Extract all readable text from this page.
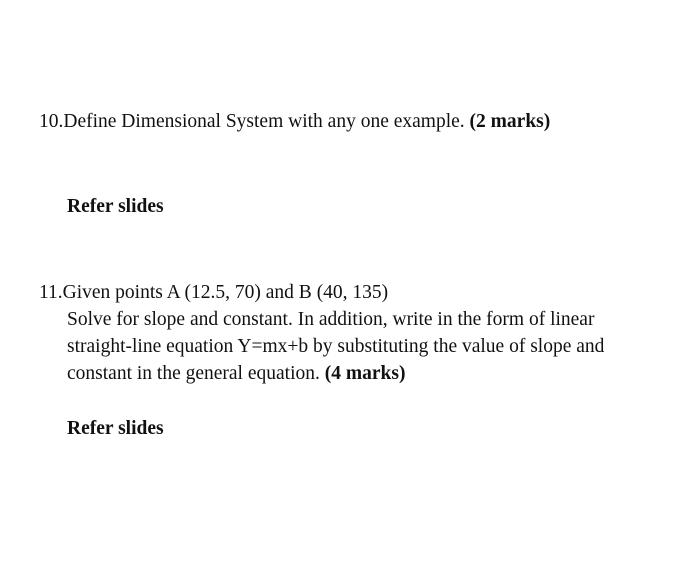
10.Define Dimensional System with any one example. (2 marks)
Refer slides
11.Given points A (12.5, 70) and B (40, 135)
Solve for slope and constant. In addition, write in the form of linear
straight-line equation Y=mx+b by substituting the value of slope and
constant in the general equation. (4 marks)
Refer slides
